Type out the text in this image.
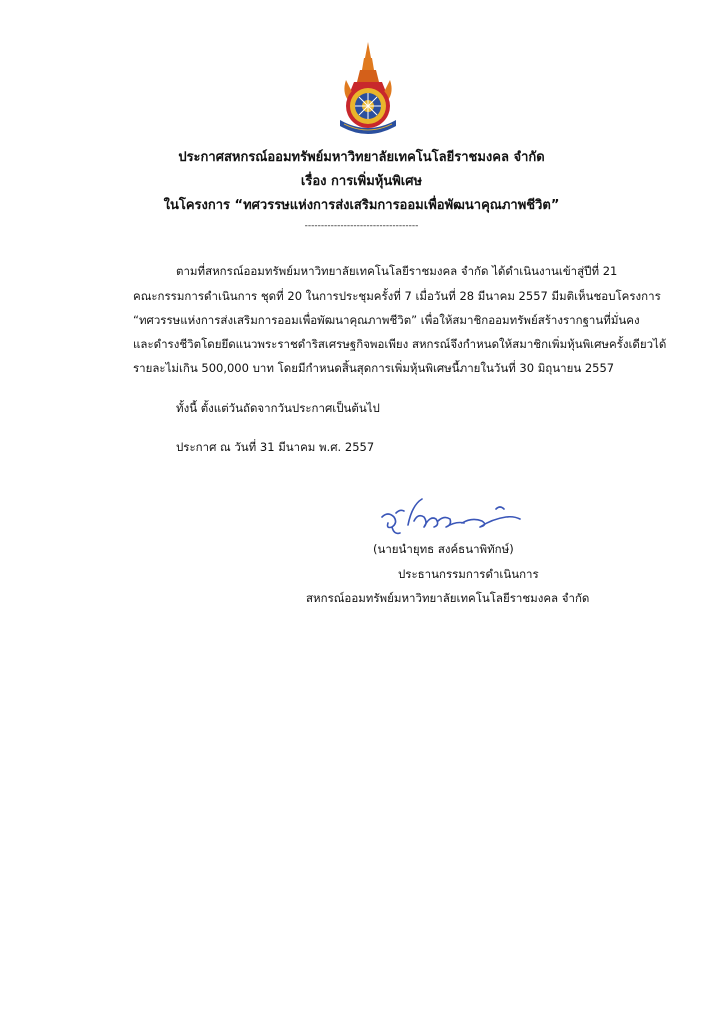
ประกาศสหกรณ์ออมทรัพย์มหาวิทยาลัยเทคโนโลยีราชมงคล จำกัด
เรื่อง การเพิ่มหุ้นพิเศษ
ในโครงการ “ทศวรรษแห่งการส่งเสริมการออมเพื่อพัฒนาคุณภาพชีวิต”
-----------------------------------
ตามที่สหกรณ์ออมทรัพย์มหาวิทยาลัยเทคโนโลยีราชมงคล จำกัด ได้ดำเนินงานเข้าสู่ปีที่ 21
คณะกรรมการดำเนินการ ชุดที่ 20 ในการประชุมครั้งที่ 7 เมื่อวันที่ 28 มีนาคม 2557 มีมติเห็นชอบโครงการ
“ทศวรรษแห่งการส่งเสริมการออมเพื่อพัฒนาคุณภาพชีวิต” เพื่อให้สมาชิกออมทรัพย์สร้างรากฐานที่มั่นคง
และดำรงชีวิตโดยยึดแนวพระราชดำริสเศรษฐกิจพอเพียง สหกรณ์จึงกำหนดให้สมาชิกเพิ่มหุ้นพิเศษครั้งเดียวได้
รายละไม่เกิน 500,000 บาท โดยมีกำหนดสิ้นสุดการเพิ่มหุ้นพิเศษนี้ภายในวันที่ 30 มิถุนายน 2557
ทั้งนี้ ตั้งแต่วันถัดจากวันประกาศเป็นต้นไป
ประกาศ ณ วันที่ 31 มีนาคม พ.ศ. 2557
(นายนำยุทธ สงค์ธนาพิทักษ์)
ประธานกรรมการดำเนินการ
สหกรณ์ออมทรัพย์มหาวิทยาลัยเทคโนโลยีราชมงคล จำกัด
